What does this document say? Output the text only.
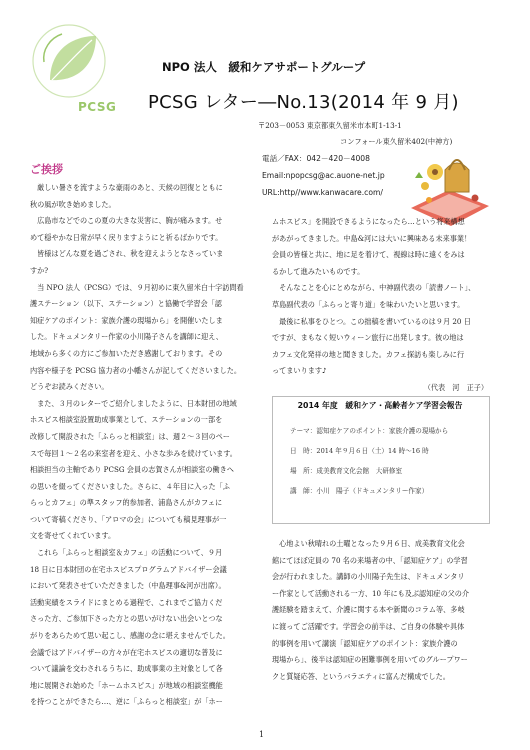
PCSG
NPO 法人　緩和ケアサポートグループ
PCSG レター―No.13(2014 年 9 月)
〒203－0053 東京都東久留米市本町1-13-1
コンフォール東久留米402(中神方)
電話／FAX：042－420－4008
Email:npopcsg@ac.auone-net.jp
URL:http//www.kanwacare.com/
ご挨拶

　厳しい暑さを流すような豪雨のあと、天候の回復とともに

秋の風が吹き始めました。

　広島市などでのこの夏の大きな災害に、胸が痛みます。せ

めて穏やかな日常が早く戻りますようにと祈るばかりです。

　皆様はどんな夏を過ごされ、秋を迎えようとなさっていま

すか?

　当 NPO 法人（PCSG）では、９月初めに東久留米白十字訪問看

護ステーション（以下、ステーション）と協働で学習会「認

知症ケアのポイント：家族介護の現場から」を開催いたしま

した。ドキュメンタリー作家の小川陽子さんを講師に迎え、

地域から多くの方にご参加いただき感謝しております。その

内容や様子を PCSG 協力者の小幡さんが記してくださいました。

どうぞお読みください。

　また、３月のレターでご紹介しましたように、日本財団の地域

ホスピス相談室設置助成事業として、ステーションの一部を

改修して開設された「ふらっと相談室」は、週２～３回のペー

スで毎回１～２名の来室者を迎え、小さな歩みを続けています。

相談担当の主軸であり PCSG 会員の志賀さんが相談室の働きへ

の思いを綴ってくださいました。さらに、４年目に入った「ふ

らっとカフェ」の準スタッフ的参加者、浦島さんがカフェに

ついて寄稿くださり、「アロマの会」についても稿見理事が一

文を寄せてくれています。

　これら「ふらっと相談室＆カフェ」の活動について、９月

18 日に日本財団の在宅ホスピスプログラムアドバイザー会議

において発表させていただきました（中島理事&河が出席）。

活動実績をスライドにまとめる過程で、これまでご協力くだ

さった方、ご参加下さった方との思いがけない出会いとつな

がりをあらためて思い起こし、感謝の念に堪えませんでした。

会議ではアドバイザーの方々が在宅ホスピスの適切な普及に

ついて議論を交わされるうちに、助成事業の主対象として各

地に展開され始めた「ホームホスピス」が地域の相談室機能

を持つことができたら…、逆に「ふらっと相談室」が「ホー

ムホスピス」を開設できるようになったら…という将来構想

があがってきました。中島&河には大いに興味ある未来事業！

会員の皆様と共に、地に足を着けて、視線は時に遠くをみは

るかして進みたいものです。

　そんなことを心にとめながら、中神副代表の「読書ノート」、

草島副代表の「ふらっと寄り道」を味わいたいと思います。

　最後に私事をひとつ。この拙稿を書いているのは９月 20 日

ですが、まもなく短いウィーン旅行に出発します。彼の地は

カフェ文化発祥の地と聞きました。カフェ探訪も楽しみに行

ってまいります♪

（代表　河　正子）
2014 年度　緩和ケア・高齢者ケア学習会報告
テーマ：認知症ケアのポイント：家族介護の現場から
日　時：2014 年９月６日（土）14 時～16 時
場　所：成美教育文化会館　大研修室
講　師：小川　陽子（ドキュメンタリー作家）

　心地よい秋晴れの土曜となった９月６日、成美教育文化会

館にてほぼ定員の 70 名の来場者の中、「認知症ケア」の学習

会が行われました。講師の小川陽子先生は、ドキュメンタリ

ー作家として活動される一方、10 年にも及ぶ認知症の父の介

護経験を踏まえて、介護に関する本や新聞のコラム等、多岐

に渡ってご活躍です。学習会の前半は、ご自身の体験や具体

的事例を用いて講演「認知症ケアのポイント：家族介護の

現場から」、後半は認知症の困難事例を用いてのグループワー

クと質疑応答、というバラエティに富んだ構成でした。

1
